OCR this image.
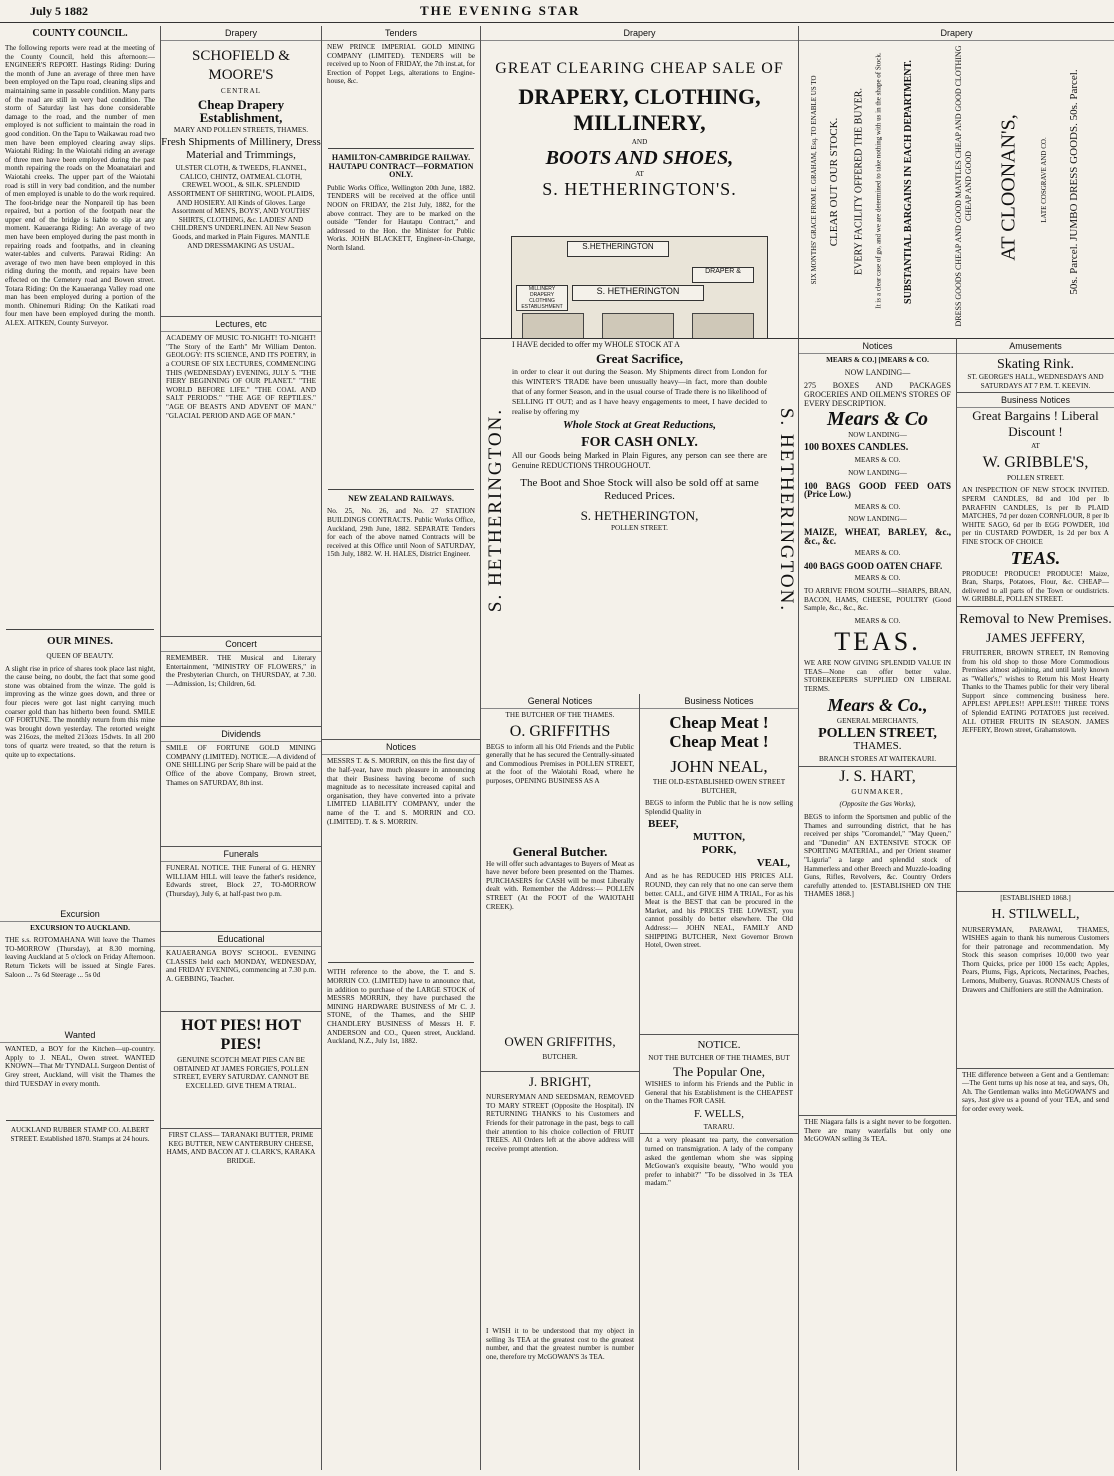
July 5 1882	THE EVENING STAR
COUNTY COUNCIL.
The following reports were read at the meeting of the County Council, held this afternoon:— ENGINEER'S REPORT. Hastings Riding: During the month of June an average of three men have been employed on the Tapu road, cleaning slips and maintaining same in passable condition. Many parts of the road are still in very bad condition. The storm of Saturday last has done considerable damage to the road, and the number of men employed is not sufficient to maintain the road in good condition. On the Tapu to Waikawau road two men have been employed clearing away slips. Waiotahi Riding: In the Waiotahi riding an average of three men have been employed during the past month repairing the roads on the Moanataiari and Waiotahi creeks. The upper part of the Waiotahi road is still in very bad condition, and the number of men employed is unable to do the work required. The foot-bridge near the Nonpareil tip has been repaired, but a portion of the footpath near the upper end of the bridge is liable to slip at any moment. Kauaeranga Riding: An average of two men have been employed during the past month in repairing roads and footpaths, and in cleaning water-tables and culverts. Parawai Riding: An average of two men have been employed in this riding during the month, and repairs have been effected on the Cemetery road and Bowen street. Totara Riding: On the Kauaeranga Valley road one man has been employed during a portion of the month. Ohinemuri Riding: On the Katikati road four men have been employed during the month. ALEX. AITKEN, County Surveyor.
OUR MINES.
QUEEN OF BEAUTY.
A slight rise in price of shares took place last night, the cause being, no doubt, the fact that some good stone was obtained from the winze. The gold is improving as the winze goes down, and three or four pieces were got last night carrying much coarser gold than has hitherto been found. SMILE OF FORTUNE. The monthly return from this mine was brought down yesterday. The retorted weight was 216ozs, the melted 213ozs 15dwts. In all 200 tons of quartz were treated, so that the return is quite up to expectations.
Excursion
EXCURSION TO AUCKLAND.
THE s.s. ROTOMAHANA Will leave the Thames TO-MORROW (Thursday), at 8.30 morning, leaving Auckland at 5 o'clock on Friday Afternoon. Return Tickets will be issued at Single Fares. Saloon ... 7s 6d Steerage ... 5s 0d
Wanted
WANTED, a BOY for the Kitchen—up-country. Apply to J. NEAL, Owen street. WANTED KNOWN—That Mr TYNDALL Surgeon Dentist of Grey street, Auckland, will visit the Thames the third TUESDAY in every month.
AUCKLAND RUBBER STAMP CO. ALBERT STREET. Established 1870. Stamps at 24 hours.
Drapery
SCHOFIELD & MOORE'S
CENTRAL
Cheap Drapery Establishment,
MARY AND POLLEN STREETS, THAMES.
Fresh Shipments of Millinery, Dress Material and Trimmings,
ULSTER CLOTH, & TWEEDS, FLANNEL, CALICO, CHINTZ, OATMEAL CLOTH, CREWEL WOOL, & SILK. SPLENDID ASSORTMENT OF SHIRTING, WOOL PLAIDS, AND HOSIERY. All Kinds of Gloves. Large Assortment of MEN'S, BOYS', AND YOUTHS' SHIRTS, CLOTHING, &c. LADIES' AND CHILDREN'S UNDERLINEN. All New Season Goods, and marked in Plain Figures. MANTLE AND DRESSMAKING AS USUAL.
Lectures, etc
ACADEMY OF MUSIC TO-NIGHT! TO-NIGHT! "The Story of the Earth" Mr William Denton. GEOLOGY: ITS SCIENCE, AND ITS POETRY, in a COURSE OF SIX LECTURES, COMMENCING THIS (WEDNESDAY) EVENING, JULY 5. "THE FIERY BEGINNING OF OUR PLANET." "THE WORLD BEFORE LIFE." "THE COAL AND SALT PERIODS." "THE AGE OF REPTILES." "AGE OF BEASTS AND ADVENT OF MAN." "GLACIAL PERIOD AND AGE OF MAN."
Concert
REMEMBER. THE Musical and Literary Entertainment, "MINISTRY OF FLOWERS," in the Presbyterian Church, on THURSDAY, at 7.30.—Admission, 1s; Children, 6d.
Dividends
SMILE OF FORTUNE GOLD MINING COMPANY (LIMITED). NOTICE.—A dividend of ONE SHILLING per Scrip Share will be paid at the Office of the above Company, Brown street, Thames on SATURDAY, 8th inst.
Funerals
FUNERAL NOTICE. THE Funeral of G. HENRY WILLIAM HILL will leave the father's residence, Edwards street, Block 27, TO-MORROW (Thursday), July 6, at half-past two p.m.
Educational
KAUAERANGA BOYS' SCHOOL. EVENING CLASSES held each MONDAY, WEDNESDAY, and FRIDAY EVENING, commencing at 7.30 p.m. A. GEBBING, Teacher.
HOT PIES! HOT PIES!
GENUINE SCOTCH MEAT PIES CAN BE OBTAINED AT JAMES FORGIE'S, POLLEN STREET, EVERY SATURDAY. CANNOT BE EXCELLED. GIVE THEM A TRIAL.
FIRST CLASS— TARANAKI BUTTER, PRIME KEG BUTTER, NEW CANTERBURY CHEESE, HAMS, AND BACON AT J. CLARK'S, KARAKA BRIDGE.
Tenders
NEW PRINCE IMPERIAL GOLD MINING COMPANY (LIMITED). TENDERS will be received up to Noon of FRIDAY, the 7th inst.at, for Erection of Poppet Legs, alterations to Engine-house, &c.
HAMILTON-CAMBRIDGE RAILWAY. HAUTAPU CONTRACT—FORMATION ONLY.
Public Works Office, Wellington 20th June, 1882. TENDERS will be received at the office until NOON on FRIDAY, the 21st July, 1882, for the above contract. They are to be marked on the outside "Tender for Hautapu Contract," and addressed to the Hon. the Minister for Public Works. JOHN BLACKETT, Engineer-in-Charge, North Island.
NEW ZEALAND RAILWAYS.
No. 25, No. 26, and No. 27 STATION BUILDINGS CONTRACTS. Public Works Office, Auckland, 29th June, 1882. SEPARATE Tenders for each of the above named Contracts will be received at this Office until Noon of SATURDAY, 15th July, 1882. W. H. HALES, District Engineer.
Notices
MESSRS T. & S. MORRIN, on this the first day of the half-year, have much pleasure in announcing that their Business having become of such magnitude as to necessitate increased capital and organisation, they have converted into a private LIMITED LIABILITY COMPANY, under the name of the T. and S. MORRIN and CO. (LIMITED). T. & S. MORRIN.
WITH reference to the above, the T. and S. MORRIN CO. (LIMITED) have to announce that, in addition to purchase of the LARGE STOCK of MESSRS MORRIN, they have purchased the MINING HARDWARE BUSINESS of Mr C. J. STONE, of the Thames, and the SHIP CHANDLERY BUSINESS of Messrs H. F. ANDERSON and CO., Queen street, Auckland. Auckland, N.Z., July 1st, 1882.
Drapery
GREAT CLEARING CHEAP SALE OF
DRAPERY, CLOTHING, MILLINERY,
AND
BOOTS AND SHOES,
AT
S. HETHERINGTON'S.
S.HETHERINGTON
DRAPER &
S. HETHERINGTON
MILLINERY DRAPERY CLOTHING ESTABLISHMENT
S. HETHERINGTON.	S. HETHERINGTON.
I HAVE decided to offer my WHOLE STOCK AT A
Great Sacrifice,
in order to clear it out during the Season. My Shipments direct from London for this WINTER'S TRADE have been unusually heavy—in fact, more than double that of any former Season, and in the usual course of Trade there is no likelihood of SELLING IT OUT; and as I have heavy engagements to meet, I have decided to realise by offering my
Whole Stock at Great Reductions,
FOR CASH ONLY.
All our Goods being Marked in Plain Figures, any person can see there are Genuine REDUCTIONS THROUGHOUT.
The Boot and Shoe Stock will also be sold off at same Reduced Prices.
S. HETHERINGTON,
POLLEN STREET.
General Notices
THE BUTCHER OF THE THAMES.
O. GRIFFITHS
BEGS to inform all his Old Friends and the Public generally that he has secured the Centrally-situated and Commodious Premises in POLLEN STREET, at the foot of the Waiotahi Road, where he purposes, OPENING BUSINESS AS A
General Butcher.
He will offer such advantages to Buyers of Meat as have never before been presented on the Thames. PURCHASERS for CASH will be most Liberally dealt with. Remember the Address:— POLLEN STREET (At the FOOT of the WAIOTAHI CREEK).
OWEN GRIFFITHS,
BUTCHER.
J. BRIGHT,
NURSERYMAN AND SEEDSMAN, REMOVED TO MARY STREET (Opposite the Hospital). IN RETURNING THANKS to his Customers and Friends for their patronage in the past, begs to call their attention to his choice collection of FRUIT TREES. All Orders left at the above address will receive prompt attention.
I WISH it to be understood that my object in selling 3s TEA at the greatest cost to the greatest number, and that the greatest number is number one, therefore try McGOWAN'S 3s TEA.
Business Notices
Cheap Meat !
Cheap Meat !
JOHN NEAL,
THE OLD-ESTABLISHED OWEN STREET BUTCHER,
BEGS to inform the Public that he is now selling Splendid Quality in
BEEF,
MUTTON,
PORK,
VEAL,
And as he has REDUCED HIS PRICES ALL ROUND, they can rely that no one can serve them better. CALL, and GIVE HIM A TRIAL, For as his Meat is the BEST that can be procured in the Market, and his PRICES THE LOWEST, you cannot possibly do better elsewhere. The Old Address:— JOHN NEAL, FAMILY AND SHIPPING BUTCHER, Next Governor Brown Hotel, Owen street.
NOTICE.
NOT THE BUTCHER OF THE THAMES, BUT
The Popular One,
WISHES to inform his Friends and the Public in General that his Establishment is the CHEAPEST on the Thames FOR CASH.
F. WELLS,
TARARU.
At a very pleasant tea party, the conversation turned on transmigration. A lady of the company asked the gentleman whom she was sipping McGowan's exquisite beauty, "Who would you prefer to inhabit?" "To be dissolved in 3s TEA madam."
Drapery
SIX MONTHS' GRACE FROM E. GRAHAM, Esq. TO ENABLE US TO CLEAR OUT OUR STOCK. EVERY FACILITY OFFERED THE BUYER. It is a clear case of go, and we are determined to take nothing with us in the shape of Stock. SUBSTANTIAL BARGAINS IN EACH DEPARTMENT.	DRESS GOODS CHEAP AND GOOD MANTLES CHEAP AND GOOD CLOTHING CHEAP AND GOOD AT CLOONAN'S,	LATE COSGRAVE AND CO. 50s. Parcel. JUMBO DRESS GOODS. 50s. Parcel.
Notices
MEARS & CO.] [MEARS & CO.
NOW LANDING—
275 BOXES AND PACKAGES GROCERIES AND OILMEN'S STORES OF EVERY DESCRIPTION.
Mears & Co
NOW LANDING—
100 BOXES CANDLES.
MEARS & CO.
NOW LANDING—
100 BAGS GOOD FEED OATS (Price Low.)
MEARS & CO.
NOW LANDING—
MAIZE, WHEAT, BARLEY, &c., &c., &c.
MEARS & CO.
400 BAGS GOOD OATEN CHAFF.
MEARS & CO.
TO ARRIVE FROM SOUTH—SHARPS, BRAN, BACON, HAMS, CHEESE, POULTRY (Good Sample, &c., &c., &c.
MEARS & CO.
TEAS.
WE ARE NOW GIVING SPLENDID VALUE IN TEAS—None can offer better value. STOREKEEPERS SUPPLIED ON LIBERAL TERMS.
Mears & Co.,
GENERAL MERCHANTS,
POLLEN STREET,
THAMES.
BRANCH STORES AT WAITEKAURI.
J. S. HART,
GUNMAKER,
(Opposite the Gas Works),
BEGS to inform the Sportsmen and public of the Thames and surrounding district, that he has received per ships "Coromandel," "May Queen," and "Dunedin" AN EXTENSIVE STOCK OF SPORTING MATERIAL, and per Orient steamer "Liguria" a large and splendid stock of Hammerless and other Breech and Muzzle-loading Guns, Rifles, Revolvers, &c. Country Orders carefully attended to. [ESTABLISHED ON THE THAMES 1868.]
THE Niagara falls is a sight never to be forgotten. There are many waterfalls but only one McGOWAN selling 3s TEA.
Amusements
Skating Rink.
ST. GEORGE'S HALL, WEDNESDAYS AND SATURDAYS AT 7 P.M. T. KEEVIN.
Business Notices
Great Bargains ! Liberal Discount !
AT
W. GRIBBLE'S,
POLLEN STREET.
AN INSPECTION OF NEW STOCK INVITED. SPERM CANDLES, 8d and 10d per lb PARAFFIN CANDLES, 1s per lb PLAID MATCHES, 7d per dozen CORNFLOUR, 8 per lb WHITE SAGO, 6d per lb EGG POWDER, 10d per tin CUSTARD POWDER, 1s 2d per box A FINE STOCK OF CHOICE
TEAS.
PRODUCE! PRODUCE! PRODUCE! Maize, Bran, Sharps, Potatoes, Flour, &c. CHEAP—delivered to all parts of the Town or outdistricts. W. GRIBBLE, POLLEN STREET.
Removal to New Premises.
JAMES JEFFERY,
FRUITERER, BROWN STREET, IN Removing from his old shop to those More Commodious Premises almost adjoining, and until lately known as "Waller's," wishes to Return his Most Hearty Thanks to the Thames public for their very liberal Support since commencing business here. APPLES! APPLES!! APPLES!!! THREE TONS of Splendid EATING POTATOES just received. ALL OTHER FRUITS IN SEASON. JAMES JEFFERY, Brown street, Grahamstown.
[ESTABLISHED 1868.]
H. STILWELL,
NURSERYMAN, PARAWAI, THAMES, WISHES again to thank his numerous Customers for their patronage and recommendation. My Stock this season comprises 10,000 two year Thorn Quicks, price per 1000 15s each; Apples, Pears, Plums, Figs, Apricots, Nectarines, Peaches, Lemons, Mulberry, Guavas. RONNAUS Chests of Drawers and Chiffoniers are still the Admiration.
THE difference between a Gent and a Gentleman:—The Gent turns up his nose at tea, and says, Oh, Ah. The Gentleman walks into McGOWAN'S and says, Just give us a pound of your TEA, and send for order every week.
